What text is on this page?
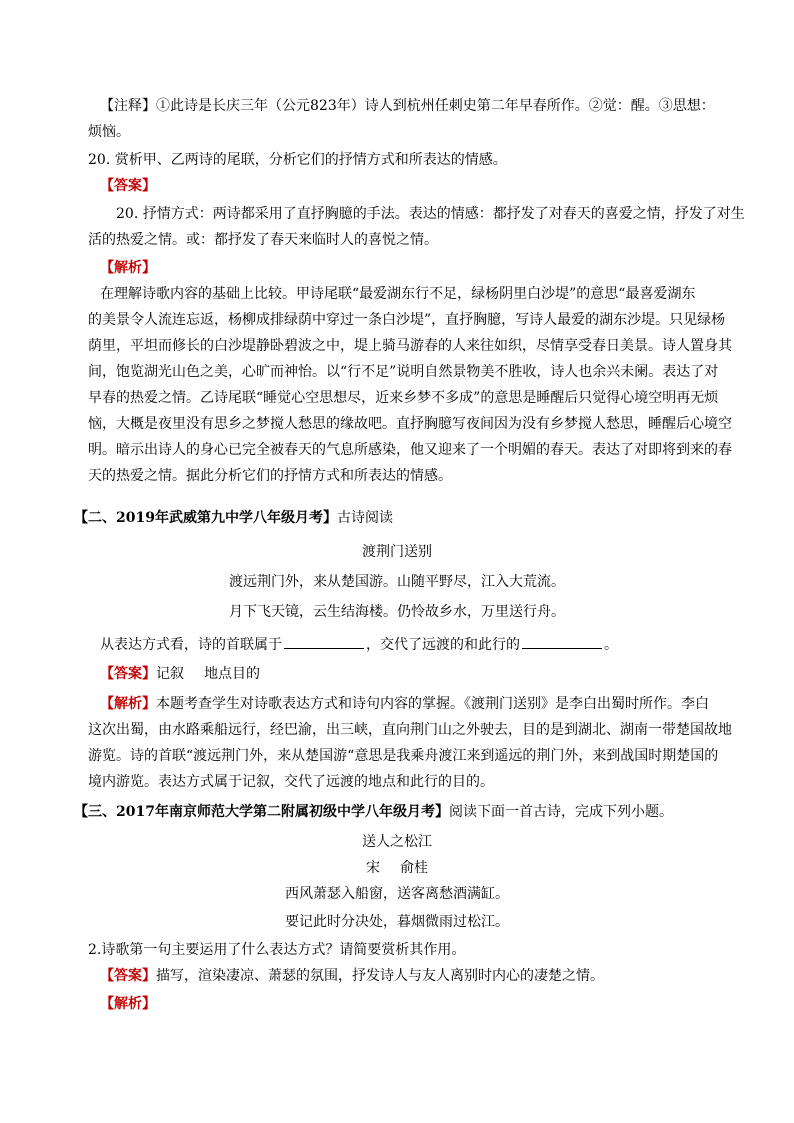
【注释】①此诗是长庆三年（公元823年）诗人到杭州任刺史第二年早春所作。②觉：醒。③思想：
烦恼。
20. 赏析甲、乙两诗的尾联，分析它们的抒情方式和所表达的情感。
【答案】
20. 抒情方式：两诗都采用了直抒胸臆的手法。表达的情感：都抒发了对春天的喜爱之情，抒发了对生
活的热爱之情。或：都抒发了春天来临时人的喜悦之情。
【解析】
在理解诗歌内容的基础上比较。甲诗尾联“最爱湖东行不足，绿杨阴里白沙堤”的意思“最喜爱湖东
的美景令人流连忘返，杨柳成排绿荫中穿过一条白沙堤”，直抒胸臆，写诗人最爱的湖东沙堤。只见绿杨
荫里，平坦而修长的白沙堤静卧碧波之中，堤上骑马游春的人来往如织，尽情享受春日美景。诗人置身其
间，饱览湖光山色之美，心旷而神怡。以“行不足”说明自然景物美不胜收，诗人也余兴未阑。表达了对
早春的热爱之情。乙诗尾联“睡觉心空思想尽，近来乡梦不多成”的意思是睡醒后只觉得心境空明再无烦
恼，大概是夜里没有思乡之梦搅人愁思的缘故吧。直抒胸臆写夜间因为没有乡梦搅人愁思，睡醒后心境空
明。暗示出诗人的身心已完全被春天的气息所感染，他又迎来了一个明媚的春天。表达了对即将到来的春
天的热爱之情。据此分析它们的抒情方式和所表达的情感。
【二、2019年武威第九中学八年级月考】古诗阅读
渡荆门送别
渡远荆门外，来从楚国游。山随平野尽，江入大荒流。
月下飞天镜，云生结海楼。仍怜故乡水，万里送行舟。
从表达方式看，诗的首联属于	，交代了远渡的和此行的	。
【答案】记叙 地点目的
【解析】本题考查学生对诗歌表达方式和诗句内容的掌握。《渡荆门送别》是李白出蜀时所作。李白
这次出蜀，由水路乘船远行，经巴渝，出三峡，直向荆门山之外驶去，目的是到湖北、湖南一带楚国故地
游览。诗的首联“渡远荆门外，来从楚国游“意思是我乘舟渡江来到遥远的荆门外，来到战国时期楚国的
境内游览。表达方式属于记叙，交代了远渡的地点和此行的目的。
【三、2017年南京师范大学第二附属初级中学八年级月考】阅读下面一首古诗，完成下列小题。
送人之松江
宋 俞桂
西风萧瑟入船窗，送客离愁酒满缸。
要记此时分决处，暮烟微雨过松江。
2.诗歌第一句主要运用了什么表达方式？请简要赏析其作用。
【答案】描写，渲染凄凉、萧瑟的氛围，抒发诗人与友人离别时内心的凄楚之情。
【解析】
